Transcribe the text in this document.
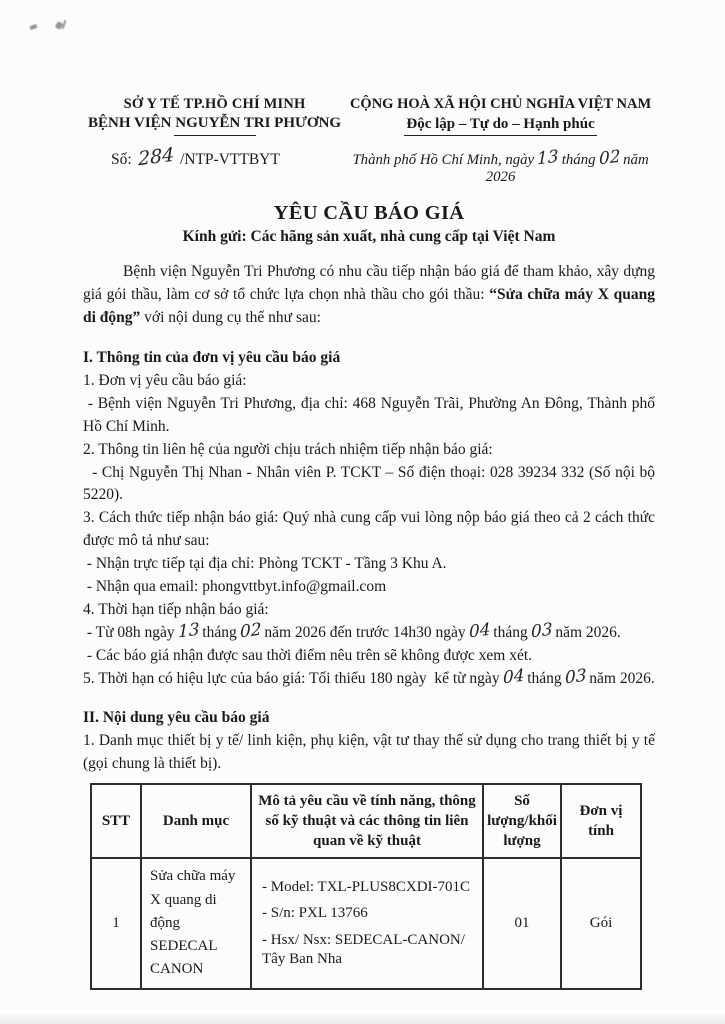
SỞ Y TẾ TP.HỒ CHÍ MINH
BỆNH VIỆN NGUYỄN TRI PHƯƠNG
CỘNG HOÀ XÃ HỘI CHỦ NGHĨA VIỆT NAM
Độc lập – Tự do – Hạnh phúc
Số: 284 /NTP-VTTBYT	Thành phố Hồ Chí Minh, ngày 13 tháng 02 năm 2026
YÊU CẦU BÁO GIÁ
Kính gửi: Các hãng sản xuất, nhà cung cấp tại Việt Nam
Bệnh viện Nguyễn Tri Phương có nhu cầu tiếp nhận báo giá để tham khảo, xây dựng giá gói thầu, làm cơ sở tổ chức lựa chọn nhà thầu cho gói thầu: “Sửa chữa máy X quang di động” với nội dung cụ thể như sau:
I. Thông tin của đơn vị yêu cầu báo giá
1. Đơn vị yêu cầu báo giá:
- Bệnh viện Nguyễn Tri Phương, địa chỉ: 468 Nguyễn Trãi, Phường An Đông, Thành phố Hồ Chí Minh.
2. Thông tin liên hệ của người chịu trách nhiệm tiếp nhận báo giá:
- Chị Nguyễn Thị Nhan - Nhân viên P. TCKT – Số điện thoại: 028 39234 332 (Số nội bộ 5220).
3. Cách thức tiếp nhận báo giá: Quý nhà cung cấp vui lòng nộp báo giá theo cả 2 cách thức được mô tả như sau:
- Nhận trực tiếp tại địa chỉ: Phòng TCKT - Tầng 3 Khu A.
- Nhận qua email: phongvttbyt.info@gmail.com
4. Thời hạn tiếp nhận báo giá:
- Từ 08h ngày 13 tháng 02 năm 2026 đến trước 14h30 ngày 04 tháng 03 năm 2026.
- Các báo giá nhận được sau thời điểm nêu trên sẽ không được xem xét.
5. Thời hạn có hiệu lực của báo giá: Tối thiểu 180 ngày  kể từ ngày 04 tháng 03 năm 2026.
II. Nội dung yêu cầu báo giá
1. Danh mục thiết bị y tế/ linh kiện, phụ kiện, vật tư thay thế sử dụng cho trang thiết bị y tế (gọi chung là thiết bị).
STT	Danh mục	Mô tả yêu cầu về tính năng, thông số kỹ thuật và các thông tin liên quan về kỹ thuật	Số lượng/khối lượng	Đơn vị tính
1	Sửa chữa máy X quang di động SEDECAL CANON	- Model: TXL-PLUS8CXDI-701C
- S/n: PXL 13766
- Hsx/ Nsx: SEDECAL-CANON/ Tây Ban Nha	01	Gói
